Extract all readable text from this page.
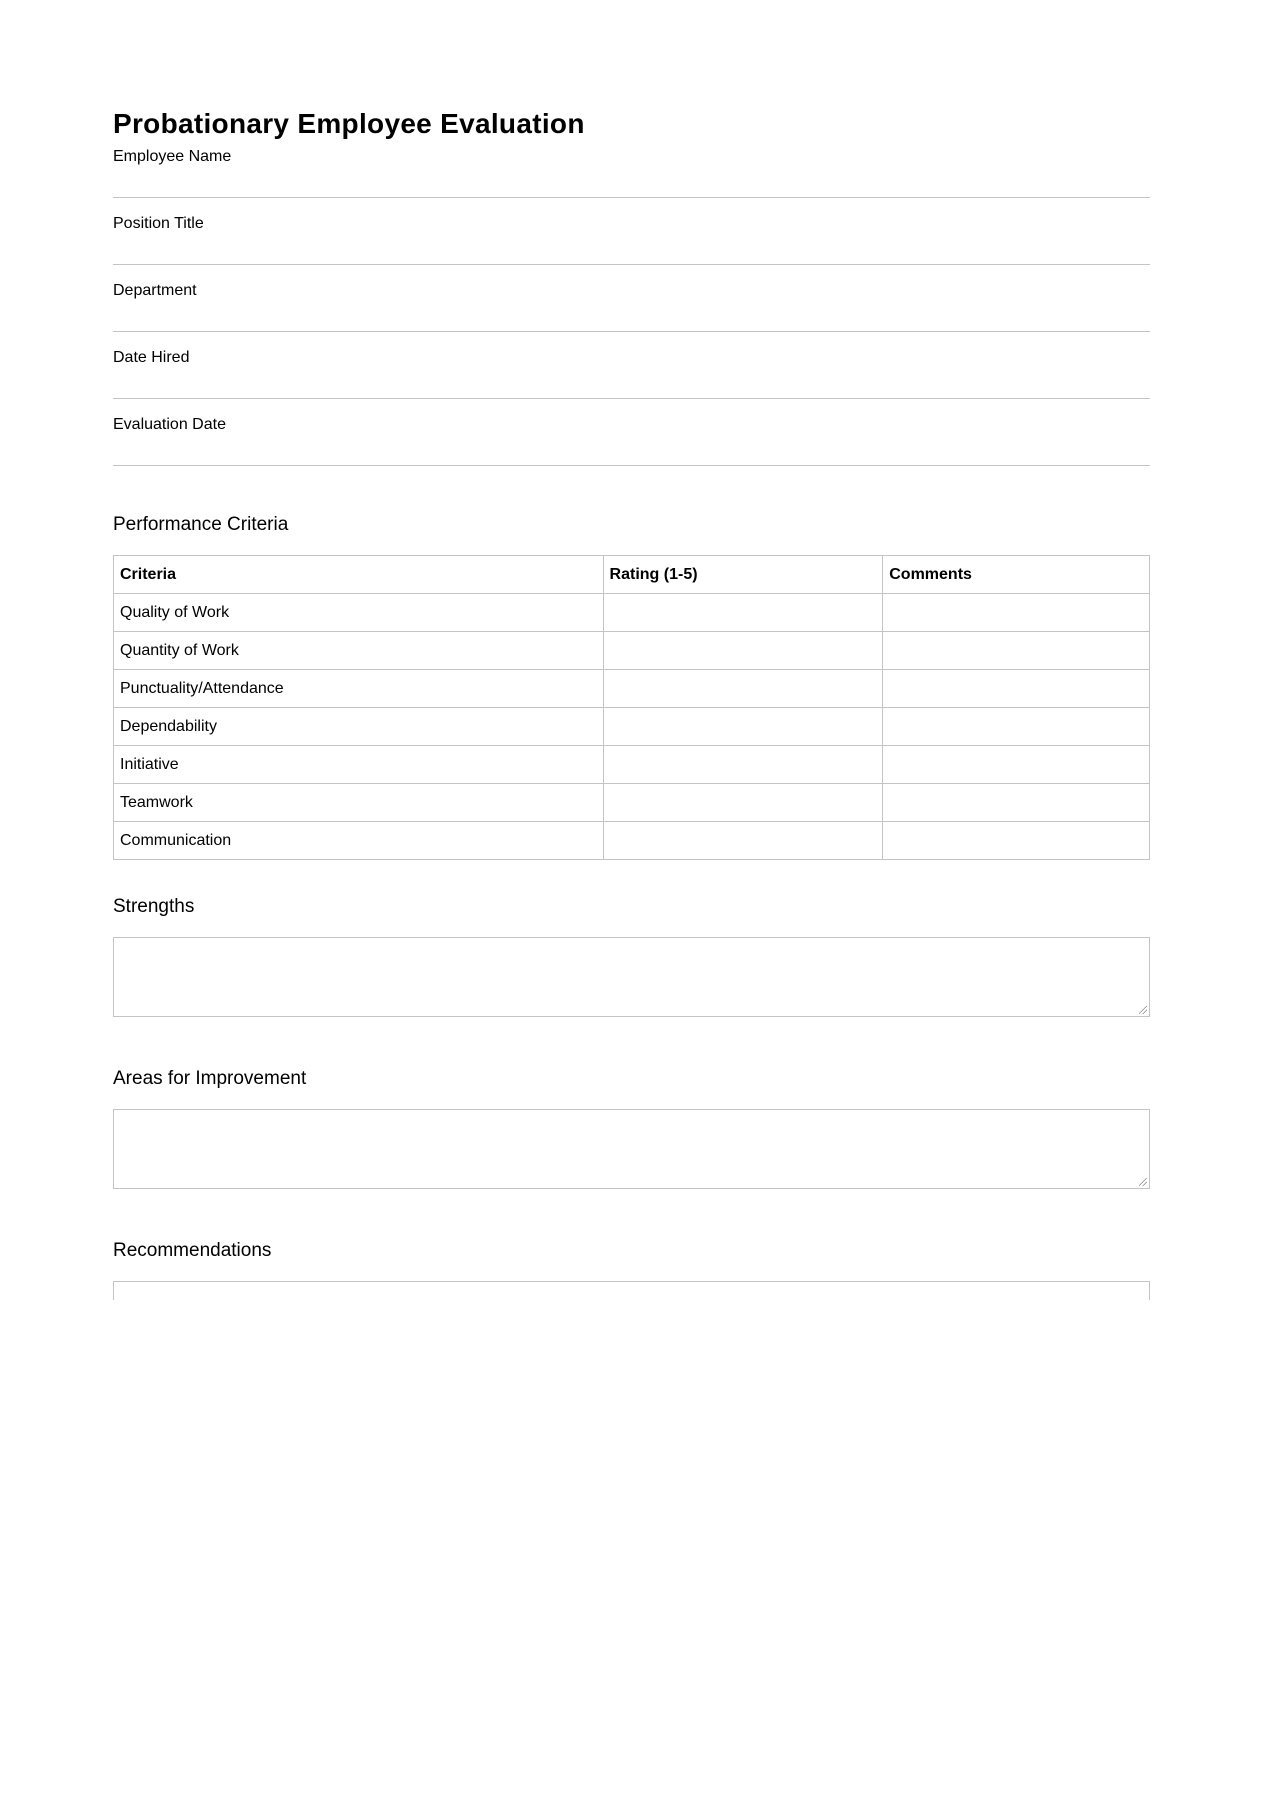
Probationary Employee Evaluation
Employee Name
Position Title
Department
Date Hired
Evaluation Date
Performance Criteria
Criteria	Rating (1-5)	Comments
Quality of Work		
Quantity of Work		
Punctuality/Attendance		
Dependability		
Initiative		
Teamwork		
Communication		
Strengths
Areas for Improvement
Recommendations
